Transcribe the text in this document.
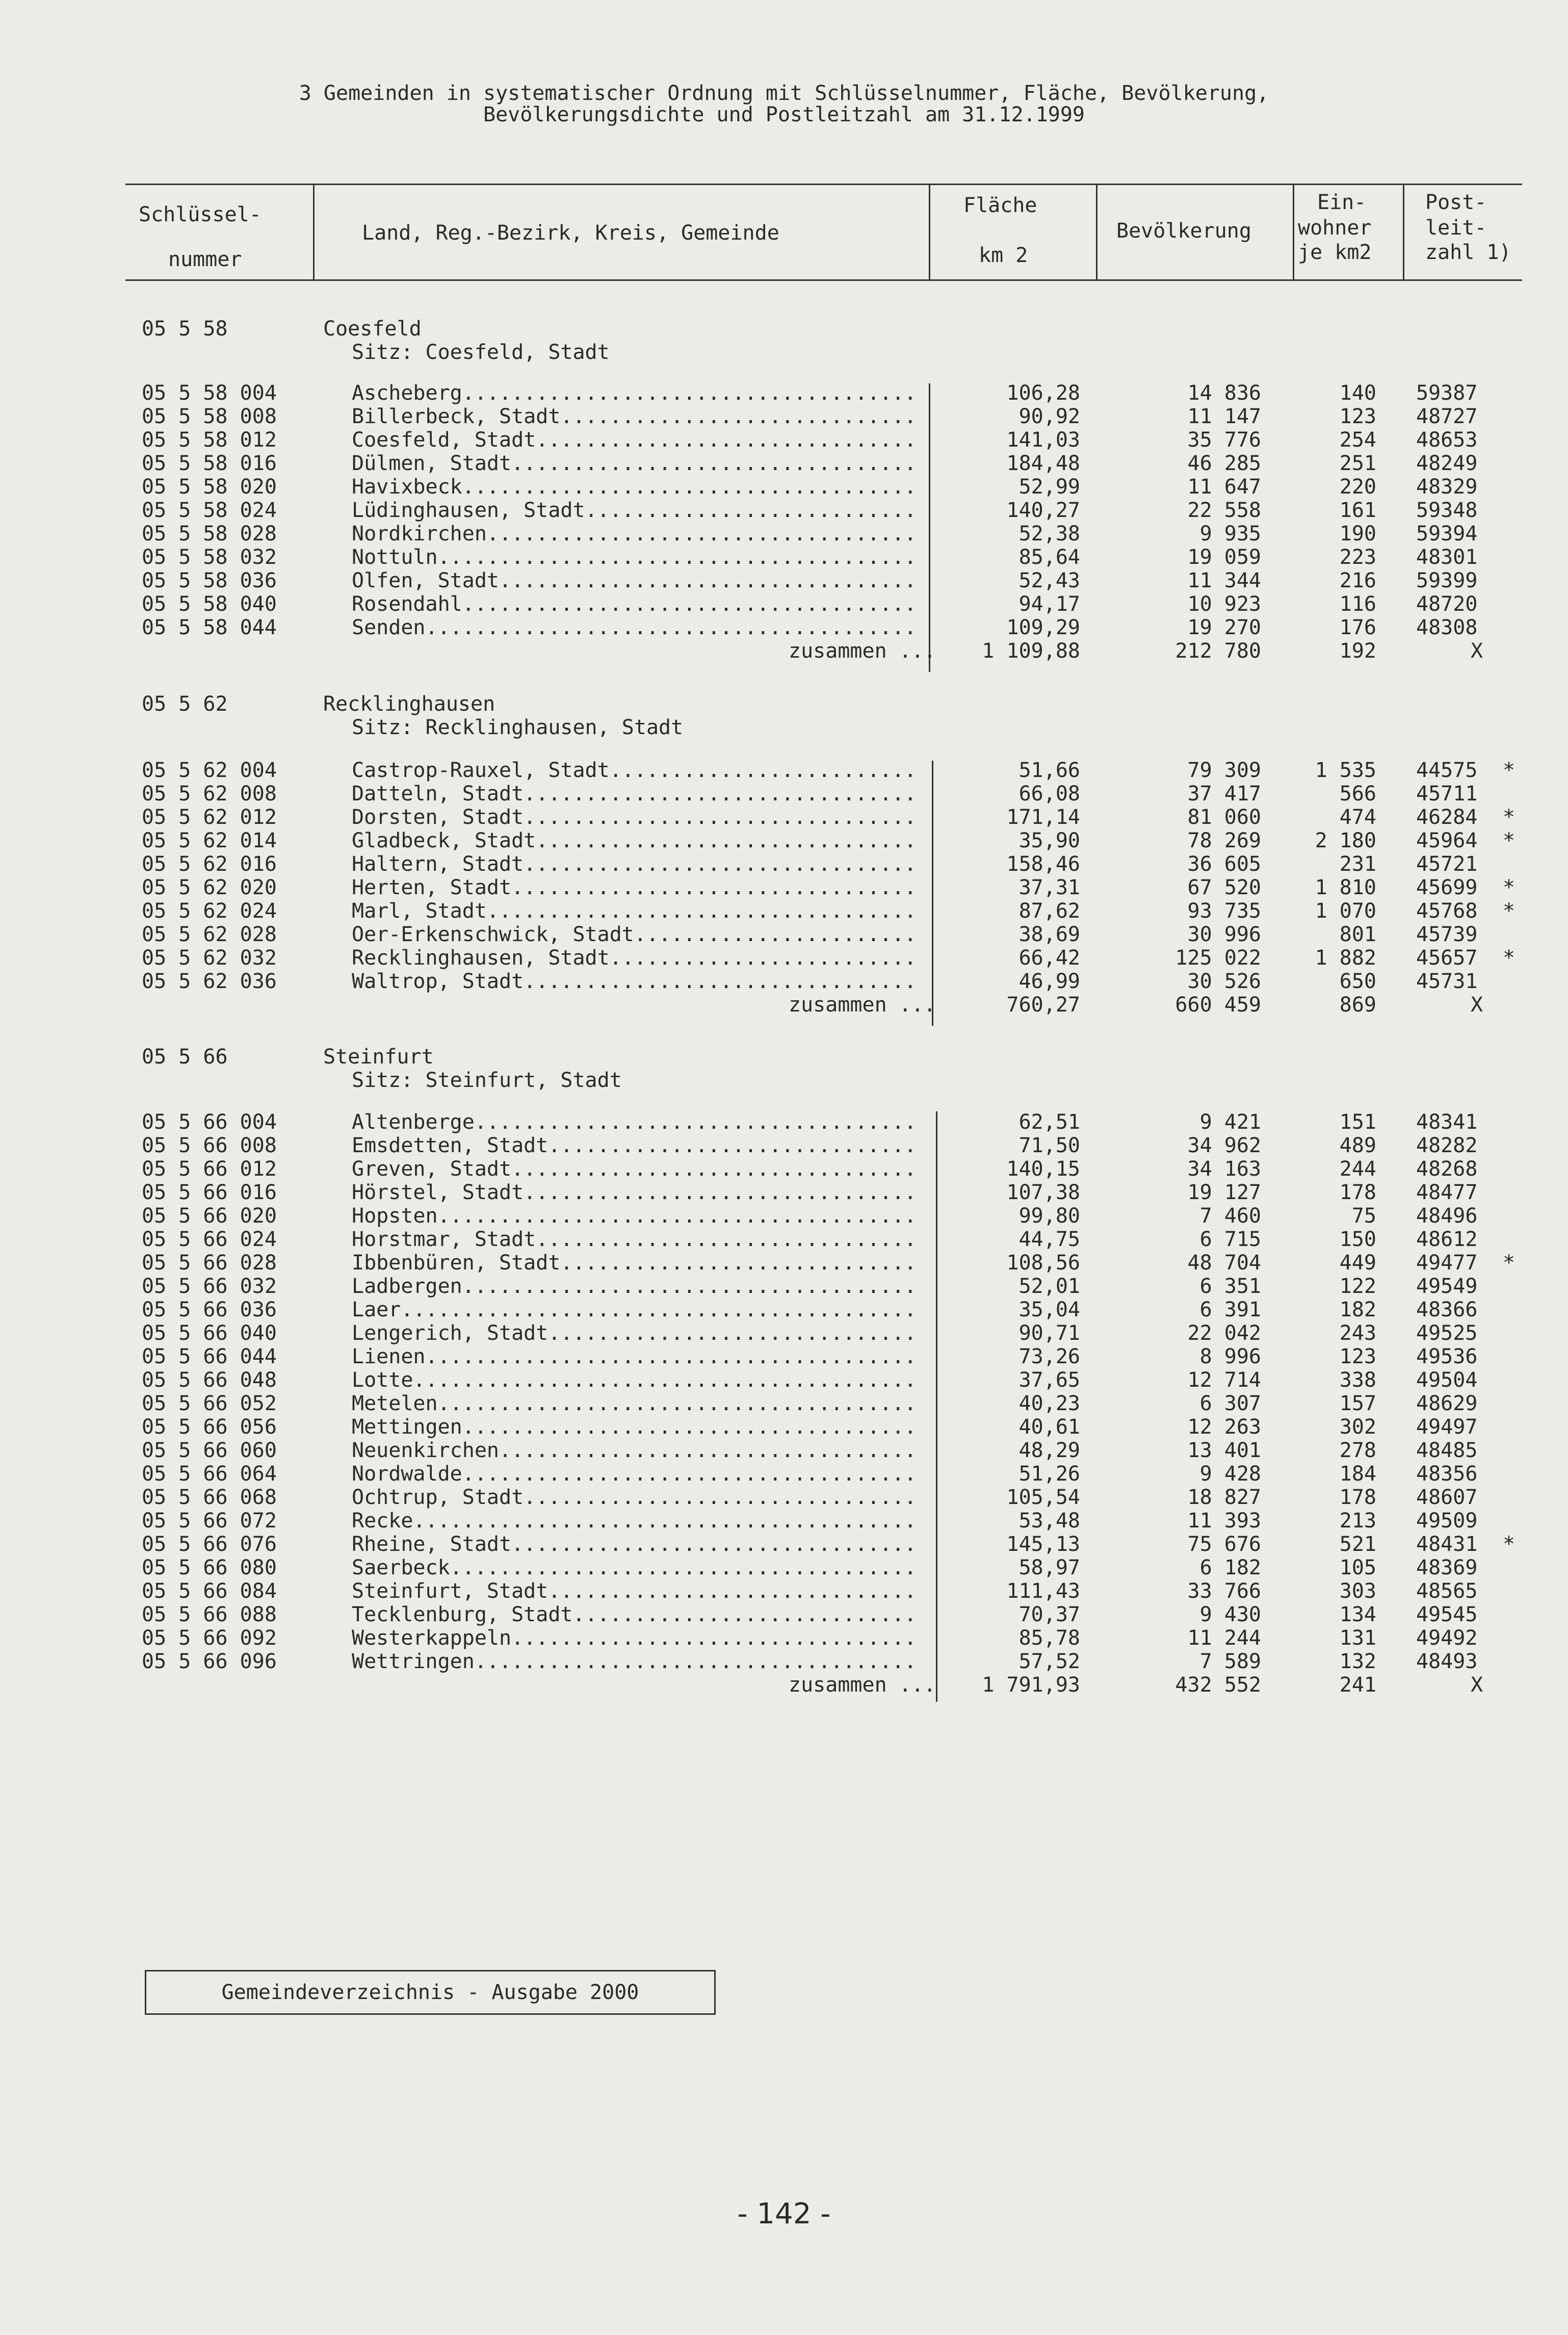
3 Gemeinden in systematischer Ordnung mit Schlüsselnummer, Fläche, Bevölkerung,
Bevölkerungsdichte und Postleitzahl am 31.12.1999
Schlüssel-
nummer
Land, Reg.-Bezirk, Kreis, Gemeinde
Fläche
km 2
Bevölkerung
Ein-
wohner
je km2
Post-
leit-
zahl 1)
05 5 58	Coesfeld
Sitz: Coesfeld, Stadt
05 5 58 004	Ascheberg .....	106,28	14 836	140 59387
05 5 58 008	Billerbeck, Stadt .....	90,92	11 147	123 48727
05 5 58 012	Coesfeld, Stadt .....	141,03	35 776	254 48653
05 5 58 016	Dülmen, Stadt .....	184,48	46 285	251 48249
05 5 58 020	Havixbeck .....	52,99	11 647	220 48329
05 5 58 024	Lüdinghausen, Stadt .....	140,27	22 558	161 59348
05 5 58 028	Nordkirchen .....	52,38	9 935	190 59394
05 5 58 032	Nottuln .....	85,64	19 059	223 48301
05 5 58 036	Olfen, Stadt .....	52,43	11 344	216 59399
05 5 58 040	Rosendahl .....	94,17	10 923	116 48720
05 5 58 044	Senden .....	109,29	19 270	176 48308
zusammen ... 1 109,88	212 780	192	X
05 5 62	Recklinghausen
Sitz: Recklinghausen, Stadt
05 5 62 004	Castrop-Rauxel, Stadt .....	51,66	79 309	1 535 44575 *
05 5 62 008	Datteln, Stadt .....	66,08	37 417	566 45711
05 5 62 012	Dorsten, Stadt .....	171,14	81 060	474 46284 *
05 5 62 014	Gladbeck, Stadt .....	35,90	78 269	2 180 45964 *
05 5 62 016	Haltern, Stadt .....	158,46	36 605	231 45721
05 5 62 020	Herten, Stadt .....	37,31	67 520	1 810 45699 *
05 5 62 024	Marl, Stadt .....	87,62	93 735	1 070 45768 *
05 5 62 028	Oer-Erkenschwick, Stadt .....	38,69	30 996	801 45739
05 5 62 032	Recklinghausen, Stadt .....	66,42	125 022	1 882 45657 *
05 5 62 036	Waltrop, Stadt .....	46,99	30 526	650 45731
zusammen ...	760,27	660 459	869	X
05 5 66	Steinfurt
Sitz: Steinfurt, Stadt
05 5 66 004	Altenberge .....	62,51	9 421	151 48341
05 5 66 008	Emsdetten, Stadt .....	71,50	34 962	489 48282
05 5 66 012	Greven, Stadt .....	140,15	34 163	244 48268
05 5 66 016	Hörstel, Stadt .....	107,38	19 127	178 48477
05 5 66 020	Hopsten .....	99,80	7 460	75 48496
05 5 66 024	Horstmar, Stadt .....	44,75	6 715	150 48612
05 5 66 028	Ibbenbüren, Stadt .....	108,56	48 704	449 49477 *
05 5 66 032	Ladbergen .....	52,01	6 351	122 49549
05 5 66 036	Laer .....	35,04	6 391	182 48366
05 5 66 040	Lengerich, Stadt .....	90,71	22 042	243 49525
05 5 66 044	Lienen .....	73,26	8 996	123 49536
05 5 66 048	Lotte .....	37,65	12 714	338 49504
05 5 66 052	Metelen .....	40,23	6 307	157 48629
05 5 66 056	Mettingen .....	40,61	12 263	302 49497
05 5 66 060	Neuenkirchen .....	48,29	13 401	278 48485
05 5 66 064	Nordwalde .....	51,26	9 428	184 48356
05 5 66 068	Ochtrup, Stadt .....	105,54	18 827	178 48607
05 5 66 072	Recke .....	53,48	11 393	213 49509
05 5 66 076	Rheine, Stadt .....	145,13	75 676	521 48431 *
05 5 66 080	Saerbeck .....	58,97	6 182	105 48369
05 5 66 084	Steinfurt, Stadt .....	111,43	33 766	303 48565
05 5 66 088	Tecklenburg, Stadt .....	70,37	9 430	134 49545
05 5 66 092	Westerkappeln .....	85,78	11 244	131 49492
05 5 66 096	Wettringen .....	57,52	7 589	132 48493
zusammen ... 1 791,93	432 552	241	X
Gemeindeverzeichnis - Ausgabe 2000
- 142 -
